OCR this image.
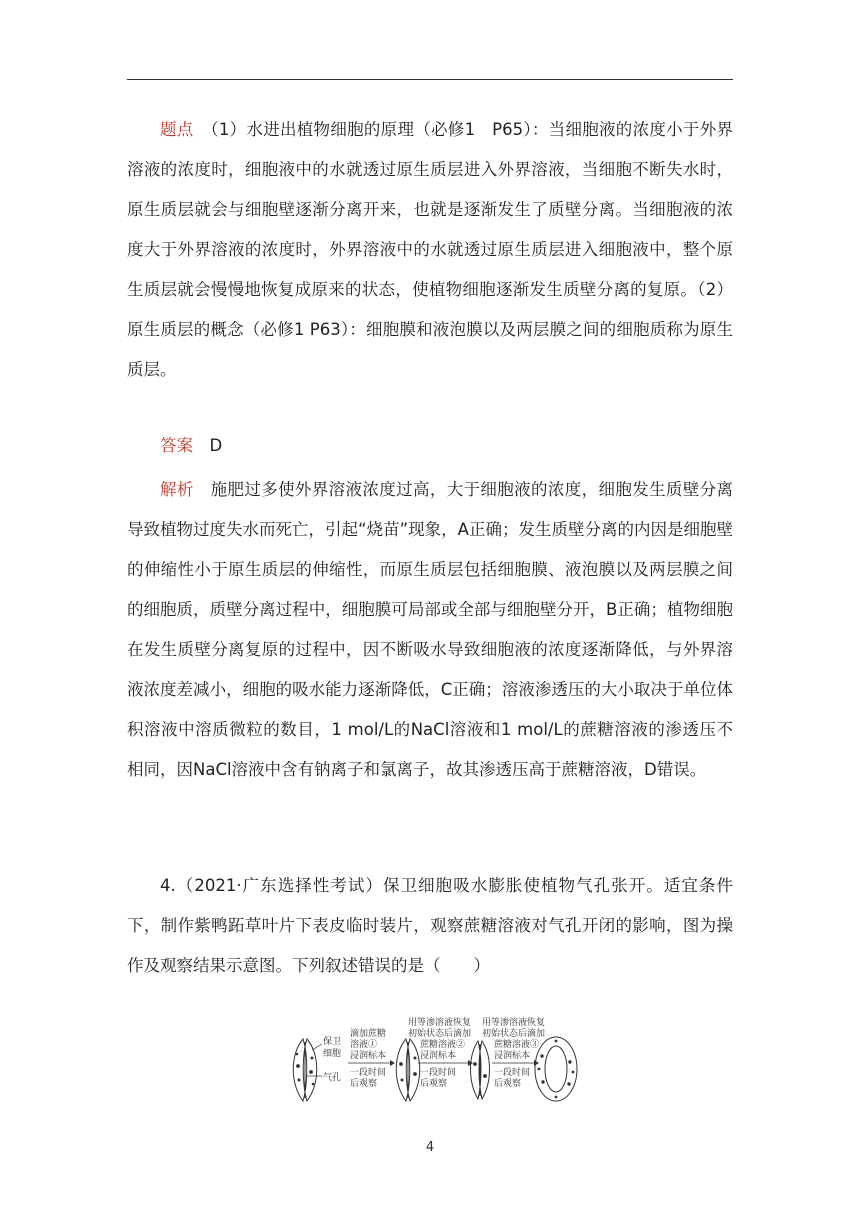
题点　 （1）水进出植物细胞的原理（必修1　P65）：当细胞液的浓度小于外界溶液的浓度时，细胞液中的水就透过原生质层进入外界溶液，当细胞不断失水时，原生质层就会与细胞壁逐渐分离开来，也就是逐渐发生了质壁分离。当细胞液的浓度大于外界溶液的浓度时，外界溶液中的水就透过原生质层进入细胞液中，整个原生质层就会慢慢地恢复成原来的状态，使植物细胞逐渐发生质壁分离的复原。（2）原生质层的概念（必修1 P63）：细胞膜和液泡膜以及两层膜之间的细胞质称为原生质层。

答案　 D

解析　 施肥过多使外界溶液浓度过高，大于细胞液的浓度，细胞发生质壁分离导致植物过度失水而死亡，引起“烧苗”现象，A正确；发生质壁分离的内因是细胞壁的伸缩性小于原生质层的伸缩性，而原生质层包括细胞膜、液泡膜以及两层膜之间的细胞质，质壁分离过程中，细胞膜可局部或全部与细胞壁分开，B正确；植物细胞在发生质壁分离复原的过程中，因不断吸水导致细胞液的浓度逐渐降低，与外界溶液浓度差减小，细胞的吸水能力逐渐降低，C正确；溶液渗透压的大小取决于单位体积溶液中溶质微粒的数目，1 mol/L的NaCl溶液和1 mol/L的蔗糖溶液的渗透压不相同，因NaCl溶液中含有钠离子和氯离子，故其渗透压高于蔗糖溶液，D错误。

4.（2021·广东选择性考试）保卫细胞吸水膨胀使植物气孔张开。适宜条件下，制作紫鸭跖草叶片下表皮临时装片，观察蔗糖溶液对气孔开闭的影响，图为操作及观察结果示意图。下列叙述错误的是（　　）

保卫
细胞
气孔
滴加蔗糖
溶液①
浸润标本
一段时间
后观察
用等渗溶液恢复
初始状态后滴加
蔗糖溶液②
浸润标本
一段时间
后观察
用等渗溶液恢复
初始状态后滴加
蔗糖溶液③
浸润标本
一段时间
后观察
4
